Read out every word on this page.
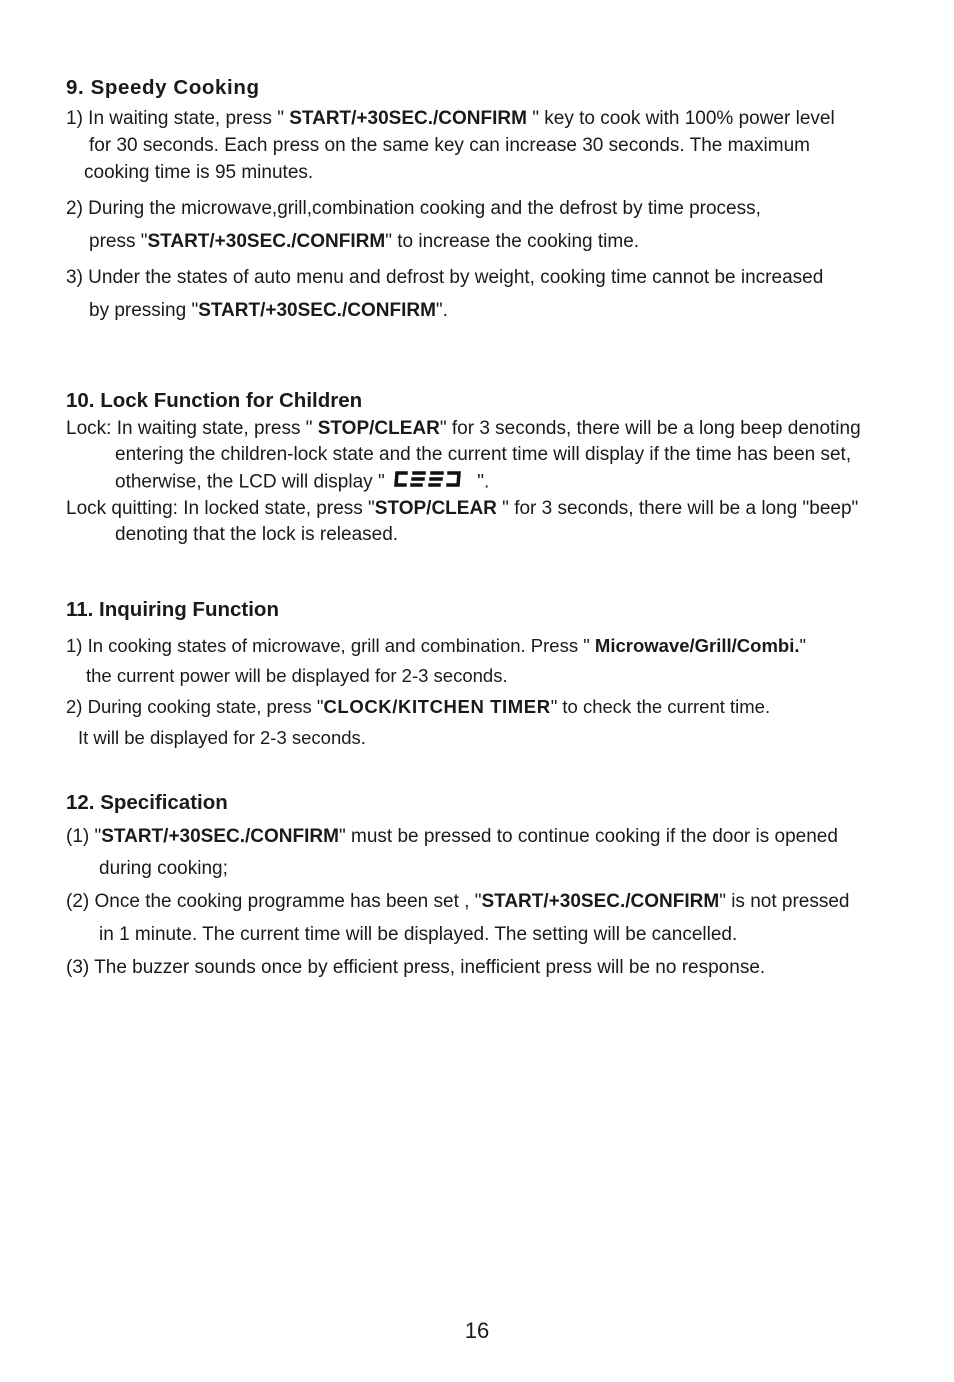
9. Speedy Cooking
1) In waiting state, press " START/+30SEC./CONFIRM " key to cook with 100% power level
for 30 seconds. Each press on the same key can increase 30 seconds. The maximum
cooking time is 95 minutes.
2) During the microwave,grill,combination cooking and the defrost by time process,
press "START/+30SEC./CONFIRM" to increase the cooking time.
3) Under the states of auto menu and defrost by weight, cooking time cannot be increased
by pressing "START/+30SEC./CONFIRM".
10. Lock Function for Children
Lock: In waiting state, press " STOP/CLEAR" for 3 seconds, there will be a long beep denoting
entering the children-lock state and the current time will display if the time has been set,
otherwise, the LCD will display "	".
Lock quitting: In locked state, press "STOP/CLEAR " for 3 seconds, there will be a long "beep"
denoting that the lock is released.
11. Inquiring Function
1) In cooking states of microwave, grill and combination. Press " Microwave/Grill/Combi."
the current power will be displayed for 2-3 seconds.
2) During cooking state, press "CLOCK/KITCHEN TIMER" to check the current time.
It will be displayed for 2-3 seconds.
12. Specification
(1) "START/+30SEC./CONFIRM" must be pressed to continue cooking if the door is opened
during cooking;
(2) Once the cooking programme has been set , "START/+30SEC./CONFIRM" is not pressed
in 1 minute. The current time will be displayed. The setting will be cancelled.
(3) The buzzer sounds once by efficient press, inefficient press will be no response.
16
